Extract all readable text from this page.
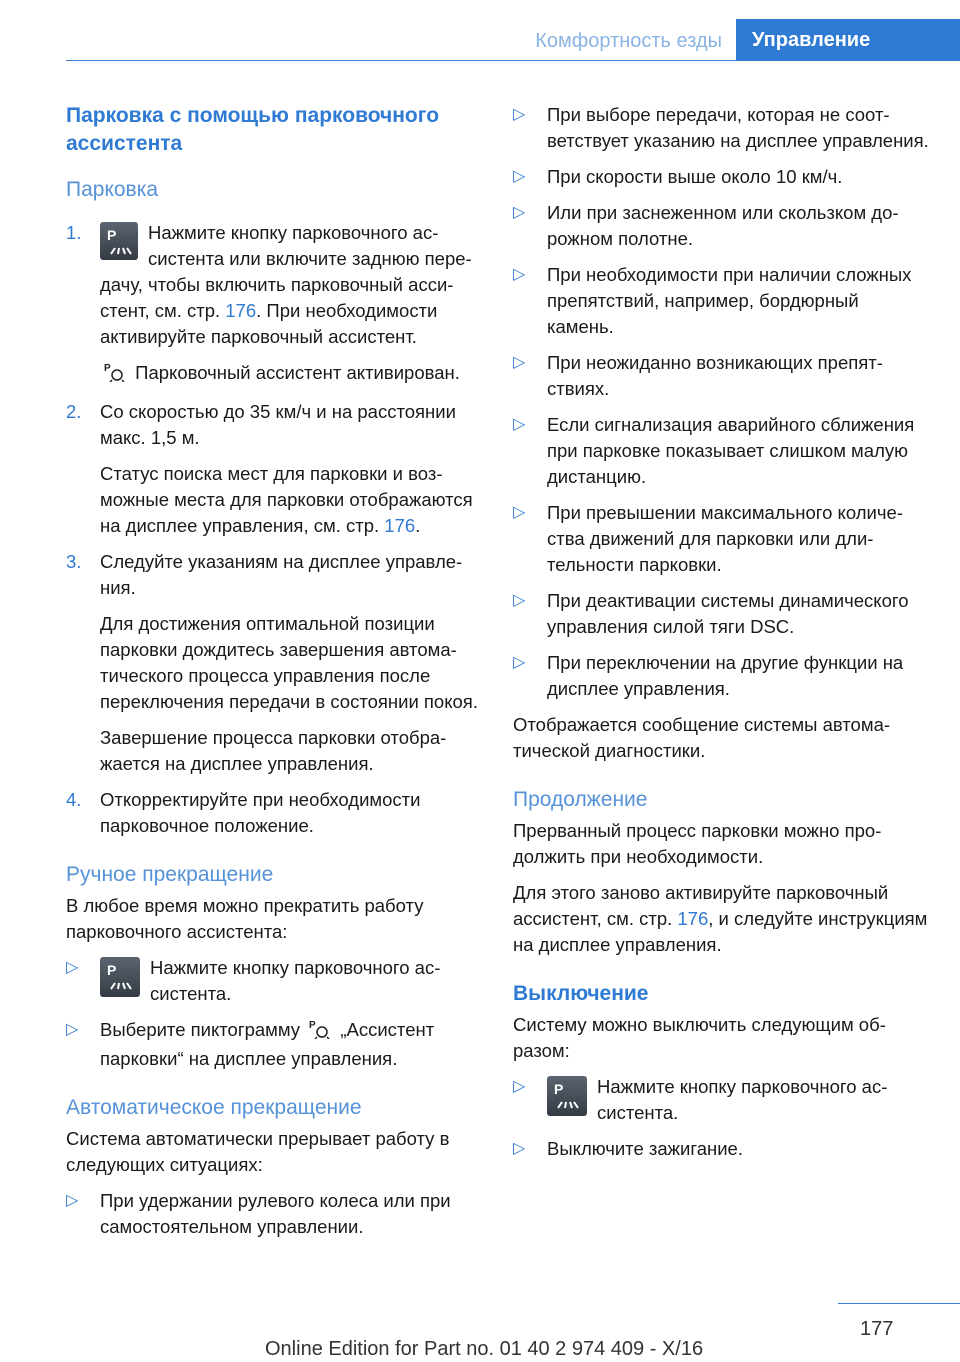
Комфортность езды	Управление
Парковка с помощью парковочного ассистента
Парковка
1. P Нажмите кнопку парковочного ассистента или включите заднюю передачу, чтобы включить парковочный ассистент, см. стр. 176. При необходимости активируйте парковочный ассистент.
P Парковочный ассистент активирован.
2. Со скоростью до 35 км/ч и на расстоянии макс. 1,5 м.
Статус поиска мест для парковки и возможные места для парковки отображаются на дисплее управления, см. стр. 176.
3. Следуйте указаниям на дисплее управления.
Для достижения оптимальной позиции парковки дождитесь завершения автоматического процесса управления после переключения передачи в состоянии покоя.
Завершение процесса парковки отображается на дисплее управления.
4. Откорректируйте при необходимости парковочное положение.
Ручное прекращение

В любое время можно прекратить работу парковочного ассистента:

▷ P Нажмите кнопку парковочного ассистента.
▷ Выберите пиктограмму P „Ассистент парковки“ на дисплее управления.
Автоматическое прекращение

Система автоматически прерывает работу в следующих ситуациях:

▷ При удержании рулевого колеса или при самостоятельном управлении.
▷ При выборе передачи, которая не соответствует указанию на дисплее управления.
▷ При скорости выше около 10 км/ч.
▷ Или при заснеженном или скользком дорожном полотне.
▷ При необходимости при наличии сложных препятствий, например, бордюрный камень.
▷ При неожиданно возникающих препятствиях.
▷ Если сигнализация аварийного сближения при парковке показывает слишком малую дистанцию.
▷ При превышении максимального количества движений для парковки или длительности парковки.
▷ При деактивации системы динамического управления силой тяги DSC.
▷ При переключении на другие функции на дисплее управления.

Отображается сообщение системы автоматической диагностики.

Продолжение

Прерванный процесс парковки можно продолжить при необходимости.

Для этого заново активируйте парковочный ассистент, см. стр. 176, и следуйте инструкциям на дисплее управления.

Выключение

Систему можно выключить следующим образом:

▷ P Нажмите кнопку парковочного ассистента.
▷ Выключите зажигание.
177
Online Edition for Part no. 01 40 2 974 409 - X/16
